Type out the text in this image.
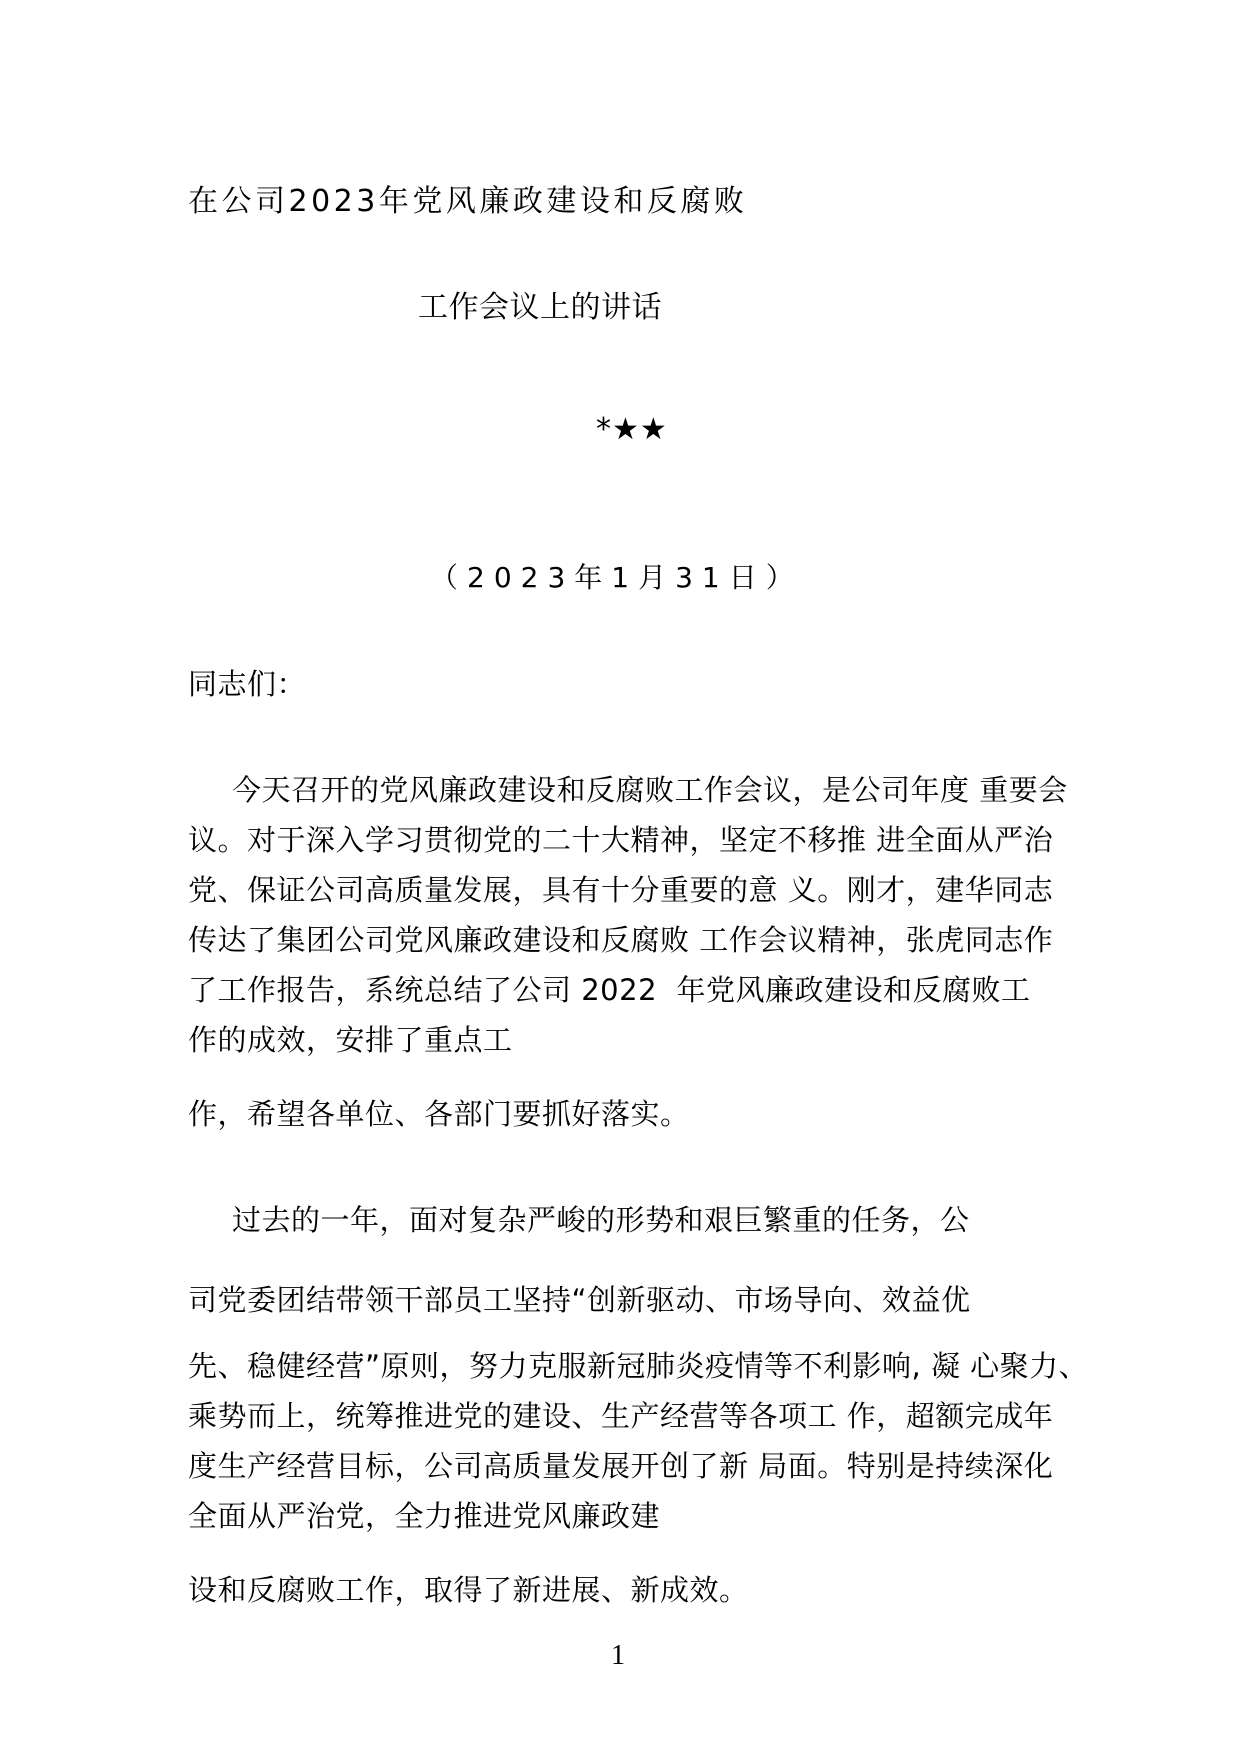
在公司2023年党风廉政建设和反腐败
工作会议上的讲话
*★★
（2023年1月31日）
同志们：
今天召开的党风廉政建设和反腐败工作会议，是公司年度 重要会
议。对于深入学习贯彻党的二十大精神，坚定不移推 进全面从严治
党、保证公司高质量发展，具有十分重要的意 义。刚才，建华同志
传达了集团公司党风廉政建设和反腐败 工作会议精神，张虎同志作
了工作报告，系统总结了公司 2022  年党风廉政建设和反腐败工
作的成效，安排了重点工
作，希望各单位、各部门要抓好落实。
过去的一年，面对复杂严峻的形势和艰巨繁重的任务，公
司党委团结带领干部员工坚持“创新驱动、市场导向、效益优
先、稳健经营”原则，努力克服新冠肺炎疫情等不利影响, 凝 心聚力、
乘势而上，统筹推进党的建设、生产经营等各项工 作，超额完成年
度生产经营目标，公司高质量发展开创了新 局面。特别是持续深化
全面从严治党，全力推进党风廉政建
设和反腐败工作，取得了新进展、新成效。
1
